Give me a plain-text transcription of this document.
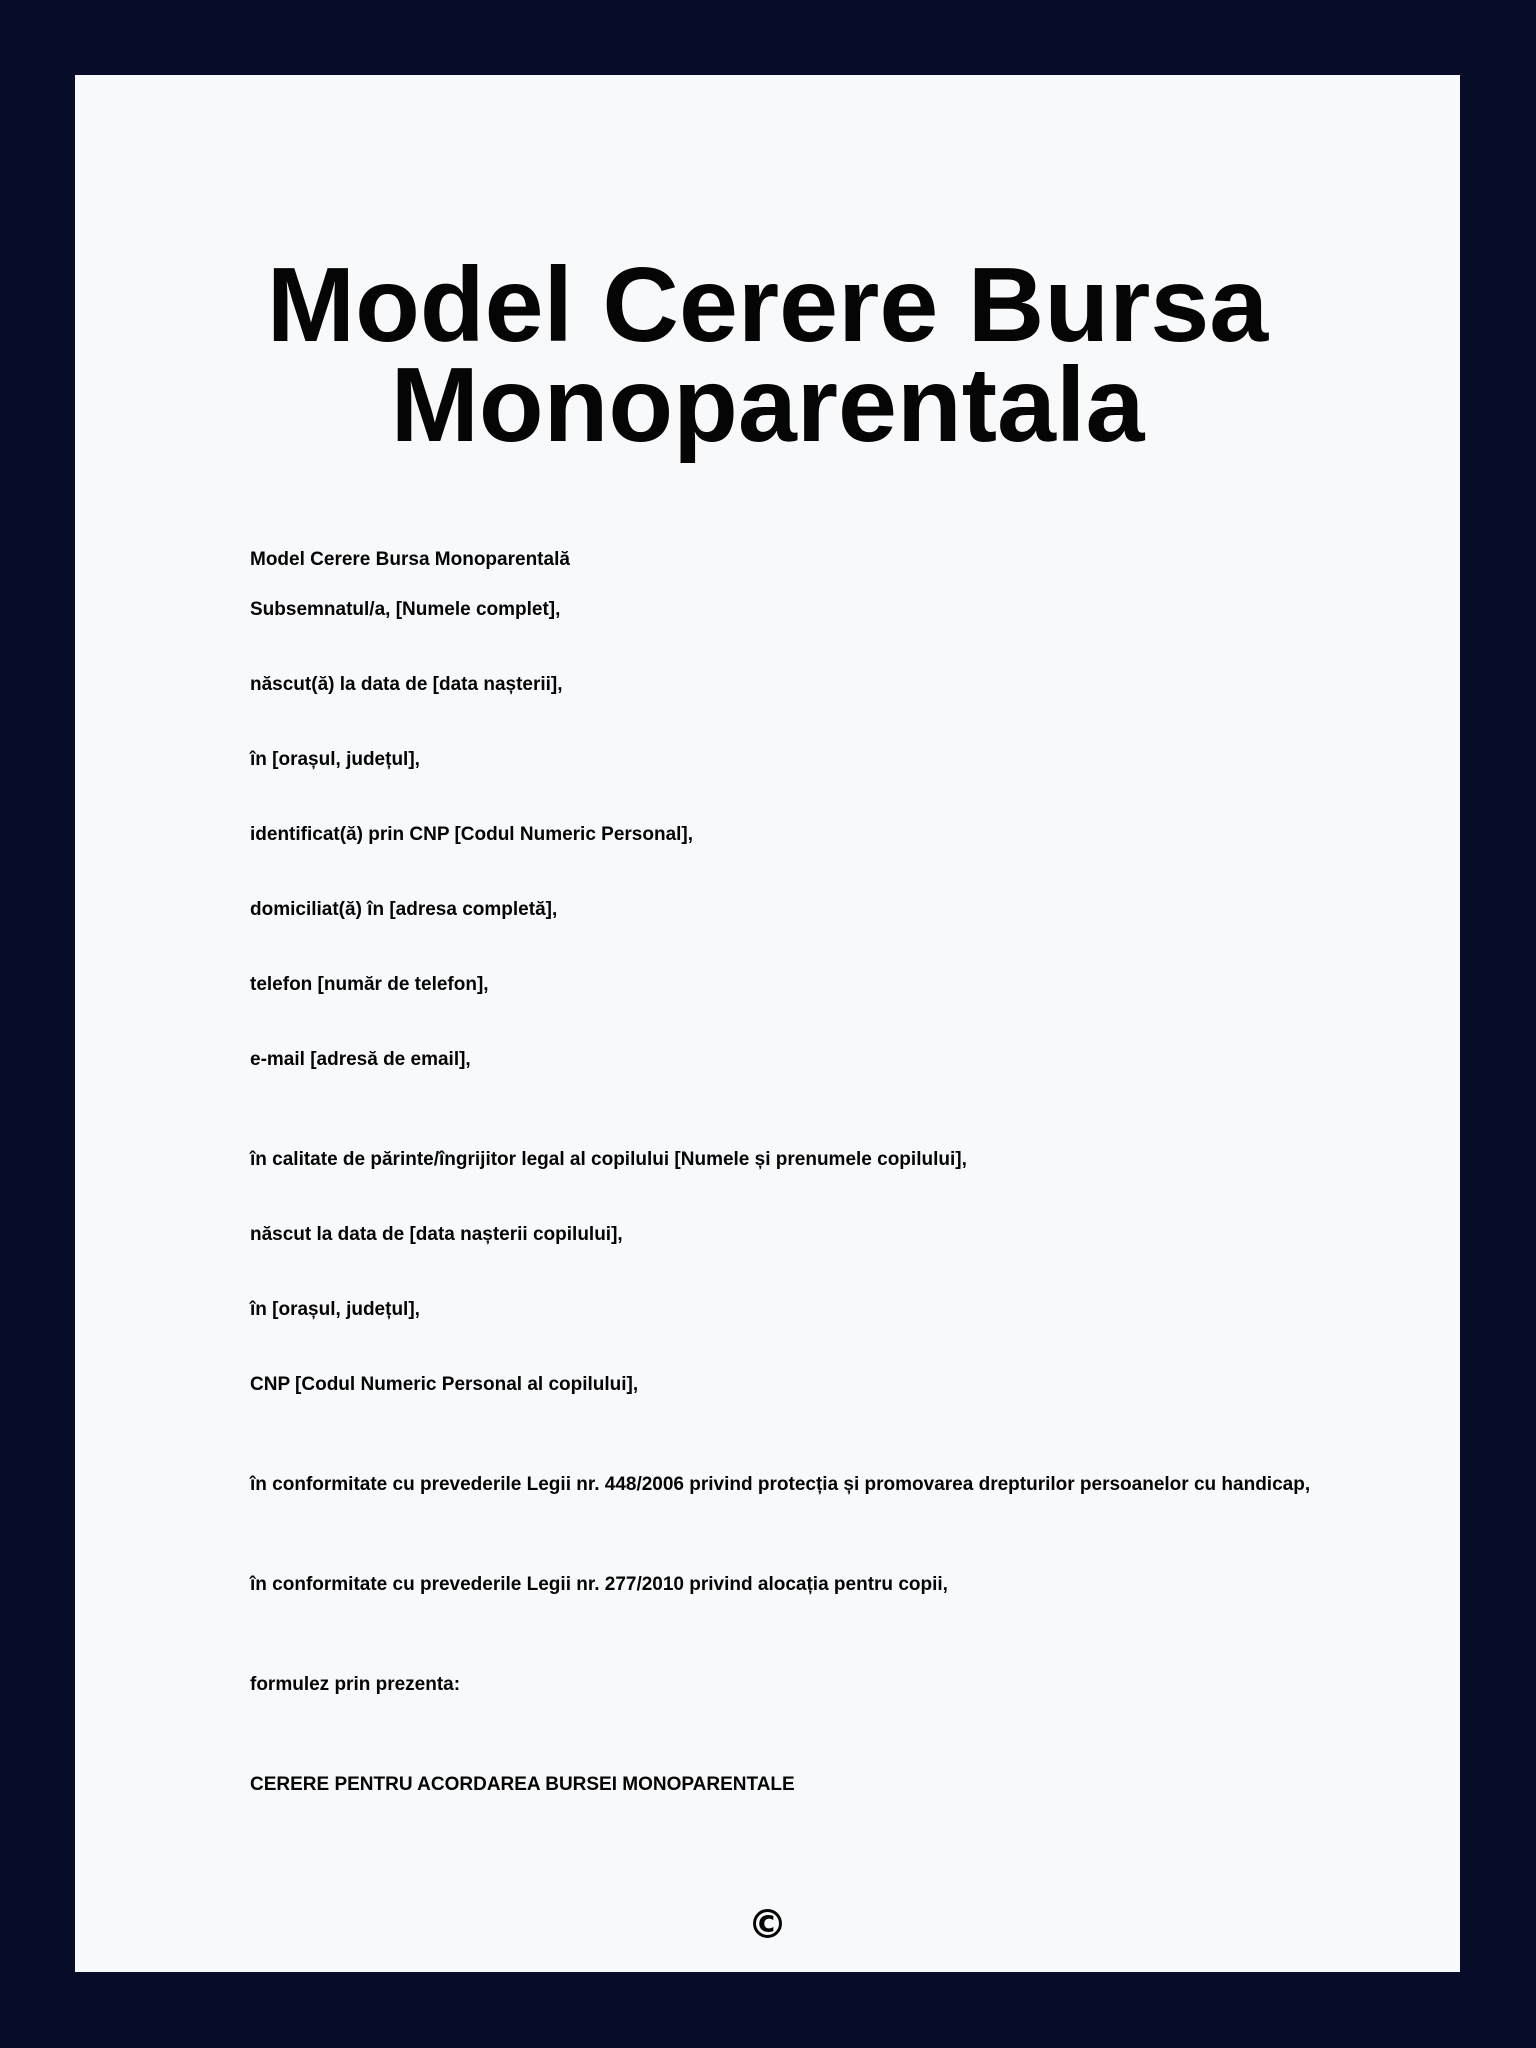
Model Cerere Bursa
Monoparentala

Model Cerere Bursa Monoparentală

Subsemnatul/a, [Numele complet],

născut(ă) la data de [data nașterii],

în [orașul, județul],

identificat(ă) prin CNP [Codul Numeric Personal],

domiciliat(ă) în [adresa completă],

telefon [număr de telefon],

e-mail [adresă de email],

în calitate de părinte/îngrijitor legal al copilului [Numele și prenumele copilului],

născut la data de [data nașterii copilului],

în [orașul, județul],

CNP [Codul Numeric Personal al copilului],

în conformitate cu prevederile Legii nr. 448/2006 privind protecția și promovarea drepturilor persoanelor cu handicap,

în conformitate cu prevederile Legii nr. 277/2010 privind alocația pentru copii,

formulez prin prezenta:

CERERE PENTRU ACORDAREA BURSEI MONOPARENTALE

©
